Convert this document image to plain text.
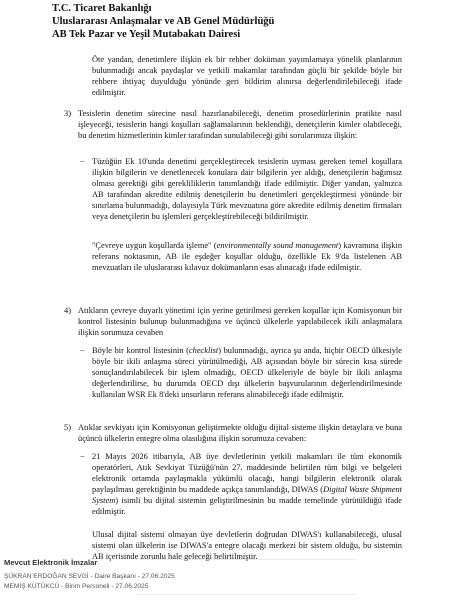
T.C. Ticaret Bakanlığı
Uluslararası Anlaşmalar ve AB Genel Müdürlüğü
AB Tek Pazar ve Yeşil Mutabakatı Dairesi

Öte yandan, denetimlere ilişkin ek bir rehber doküman yayımlamaya yönelik planlarının bulunmadığı ancak paydaşlar ve yetkili makamlar tarafından güçlü bir şekilde böyle bir rehbere ihtiyaç duyulduğu yönünde geri bildirim alınırsa değerlendirilebileceği ifade edilmiştir.

3) Tesislerin denetim sürecine nasıl hazırlanabileceği, denetim prosedürlerinin pratikte nasıl işleyeceği, tesislerin hangi koşulları sağlamalarının beklendiği, denetçilerin kimler olabileceği, bu denetim hizmetlerinin kimler tarafından sunulabileceği gibi sorularımıza ilişkin:

− Tüzüğün Ek 10'unda denetimi gerçekleştirecek tesislerin uyması gereken temel koşullara ilişkin bilgilerin ve denetlenecek konulara dair bilgilerin yer aldığı, denetçilerin bağımsız olması gerektiği gibi gerekliliklerin tanımlandığı ifade edilmiştir. Diğer yandan, yalnızca AB tarafından akredite edilmiş denetçilerin bu denetimleri gerçekleştirmesi yönünde bir sınırlama bulunmadığı, dolayısıyla Türk mevzuatına göre akredite edilmiş denetim firmaları veya denetçilerin bu işlemleri gerçekleştirebileceği bildirilmiştir.

"Çevreye uygun koşullarda işleme" (environmentally sound management) kavramına ilişkin referans noktasının, AB ile eşdeğer koşullar olduğu, özellikle Ek 9'da listelenen AB mevzuatları ile uluslararası kılavuz dokümanların esas alınacağı ifade edilmiştir.

4) Atıkların çevreye duyarlı yönetimi için yerine getirilmesi gereken koşullar için Komisyonun bir kontrol listesinin bulunup bulunmadığına ve üçüncü ülkelerle yapılabilecek ikili anlaşmalara ilişkin sorumuza cevaben

− Böyle bir kontrol listesinin (checklist) bulunmadığı, ayrıca şu anda, hiçbir OECD ülkesiyle böyle bir ikili anlaşma süreci yürütülmediği, AB açısından böyle bir sürecin kısa sürede sonuçlandırılabilecek bir işlem olmadığı, OECD ülkeleriyle de böyle bir ikili anlaşma değerlendirilirse, bu durumda OECD dışı ülkelerin başvurularının değerlendirilmesinde kullanılan WSR Ek 8'deki unsurların referans alınabileceği ifade edilmiştir.

5) Atıklar sevkiyatı için Komisyonun geliştirmekte olduğu dijital sisteme ilişkin detaylara ve buna üçüncü ülkelerin entegre olma olasılığına ilişkin sorumuza cevaben:

− 21 Mayıs 2026 itibarıyla, AB üye devletlerinin yetkili makamları ile tüm ekonomik operatörleri, Atık Sevkiyat Tüzüğü'nün 27. maddesinde belirtilen tüm bilgi ve belgeleri elektronik ortamda paylaşmakla yükümlü olacağı, hangi bilgilerin elektronik olarak paylaşılması gerektiğinin bu maddede açıkça tanımlandığı, DIWAS (Digital Waste Shipment System) isimli bu dijital sistemin geliştirilmesinin bu madde temelinde yürütüldüğü ifade edilmiştir.

Ulusal dijital sistemi olmayan üye devletlerin doğrudan DIWAS'ı kullanabileceği, ulusal sistemi olan ülkelerin ise DIWAS'a entegre olacağı merkezi bir sistem olduğu, bu sistemin AB içerisinde zorunlu hale geleceği belirtilmiştir.

Mevcut Elektronik İmzalar
ŞÜKRAN ERDOĞAN SEVGİ - Daire Başkanı - 27.06.2025
MEMİŞ KÜTÜKCÜ - Birim Personeli - 27.06.2025
